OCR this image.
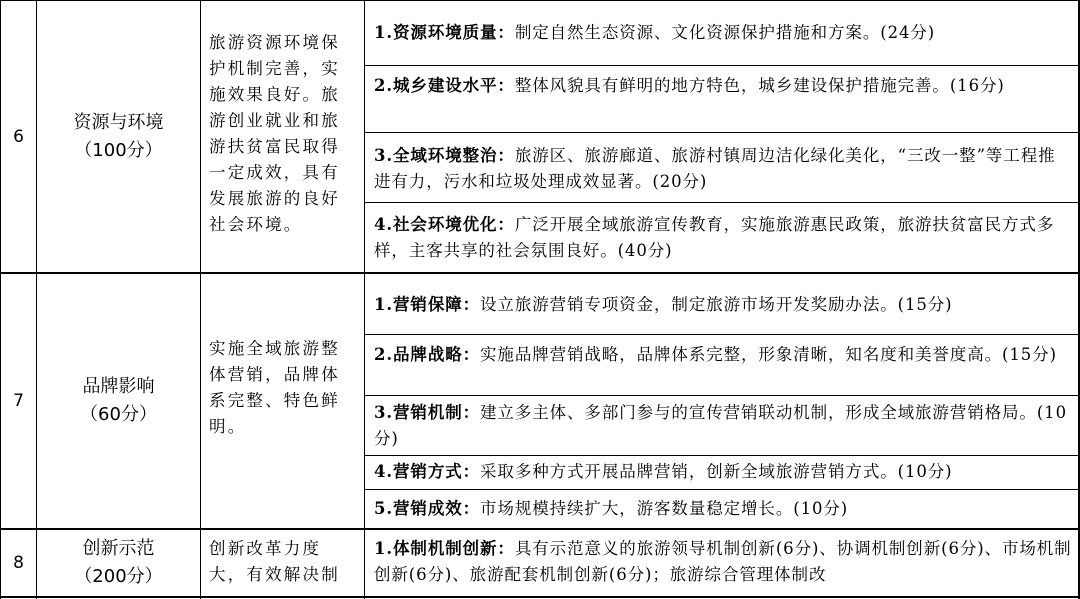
6
资源与环境
（100分）
旅游资源环境保护机制完善，实施效果良好。旅游创业就业和旅游扶贫富民取得一定成效，具有发展旅游的良好社会环境。
1.资源环境质量：制定自然生态资源、文化资源保护措施和方案。(24分)
2.城乡建设水平：整体风貌具有鲜明的地方特色，城乡建设保护措施完善。(16分)
3.全域环境整治：旅游区、旅游廊道、旅游村镇周边洁化绿化美化，“三改一整”等工程推进有力，污水和垃圾处理成效显著。(20分)
4.社会环境优化：广泛开展全域旅游宣传教育，实施旅游惠民政策，旅游扶贫富民方式多样，主客共享的社会氛围良好。(40分)
7
品牌影响
（60分）
实施全域旅游整体营销，品牌体系完整、特色鲜明。
1.营销保障：设立旅游营销专项资金，制定旅游市场开发奖励办法。(15分)
2.品牌战略：实施品牌营销战略，品牌体系完整，形象清晰，知名度和美誉度高。(15分)
3.营销机制：建立多主体、多部门参与的宣传营销联动机制，形成全域旅游营销格局。(10分)
4.营销方式：采取多种方式开展品牌营销，创新全域旅游营销方式。(10分)
5.营销成效：市场规模持续扩大，游客数量稳定增长。(10分)
8
创新示范
（200分）
创新改革力度大，有效解决制
1.体制机制创新：具有示范意义的旅游领导机制创新(6分)、协调机制创新(6分)、市场机制创新(6分)、旅游配套机制创新(6分)；旅游综合管理体制改
